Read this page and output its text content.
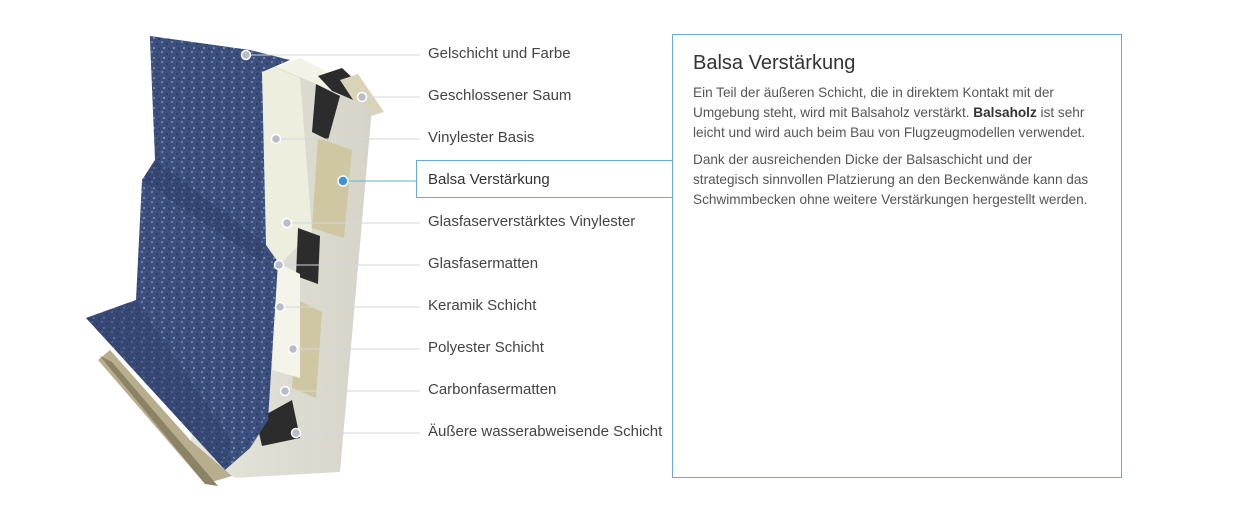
Gelschicht und Farbe
Geschlossener Saum
Vinylester Basis
Balsa Verstärkung
Glasfaserverstärktes Vinylester
Glasfasermatten
Keramik Schicht
Polyester Schicht
Carbonfasermatten
Äußere wasserabweisende Schicht
Balsa Verstärkung

Ein Teil der äußeren Schicht, die in direktem Kontakt mit der Umgebung steht, wird mit Balsaholz verstärkt. Balsaholz ist sehr leicht und wird auch beim Bau von Flugzeugmodellen verwendet.

Dank der ausreichenden Dicke der Balsaschicht und der strategisch sinnvollen Platzierung an den Beckenwände kann das Schwimmbecken ohne weitere Verstärkungen hergestellt werden.
